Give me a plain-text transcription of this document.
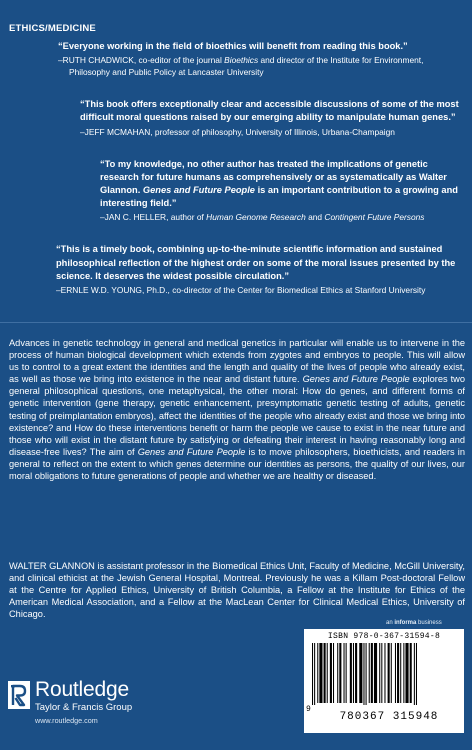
ETHICS/MEDICINE
“Everyone working in the field of bioethics will benefit from reading this book.”
–RUTH CHADWICK, co-editor of the journal Bioethics and director of the Institute for Environment,
Philosophy and Public Policy at Lancaster University
“This book offers exceptionally clear and accessible discussions of some of the most difficult moral questions raised by our emerging ability to manipulate human genes.”
–JEFF MCMAHAN, professor of philosophy, University of Illinois, Urbana-Champaign
“To my knowledge, no other author has treated the implications of genetic research for future humans as comprehensively or as systematically as Walter Glannon. Genes and Future People is an important contribution to a growing and interesting field.”
–JAN C. HELLER, author of Human Genome Research and Contingent Future Persons
“This is a timely book, combining up-to-the-minute scientific information and sustained philosophical reflection of the highest order on some of the moral issues presented by the science. It deserves the widest possible circulation.”
–ERNLE W.D. YOUNG, Ph.D., co-director of the Center for Biomedical Ethics at Stanford University
Advances in genetic technology in general and medical genetics in particular will enable us to intervene in the process of human biological development which extends from zygotes and embryos to people. This will allow us to control to a great extent the identities and the length and quality of the lives of people who already exist, as well as those we bring into existence in the near and distant future. Genes and Future People explores two general philosophical questions, one metaphysical, the other moral: How do genes, and different forms of genetic intervention (gene therapy, genetic enhancement, presymptomatic genetic testing of adults, genetic testing of preimplantation embryos), affect the identities of the people who already exist and those we bring into existence? and How do these interventions benefit or harm the people we cause to exist in the near future and those who will exist in the distant future by satisfying or defeating their interest in having reasonably long and disease-free lives? The aim of Genes and Future People is to move philosophers, bioethicists, and readers in general to reflect on the extent to which genes determine our identities as persons, the quality of our lives, our moral obligations to future generations of people and whether we are healthy or diseased.
WALTER GLANNON is assistant professor in the Biomedical Ethics Unit, Faculty of Medicine, McGill University, and clinical ethicist at the Jewish General Hospital, Montreal. Previously he was a Killam Post-doctoral Fellow at the Centre for Applied Ethics, University of British Columbia, a Fellow at the Institute for Ethics of the American Medical Association, and a Fellow at the MacLean Center for Clinical Medical Ethics, University of Chicago.
an informa business
ISBN 978-0-367-31594-8
9
780367 315948
Routledge
Taylor & Francis Group
www.routledge.com
